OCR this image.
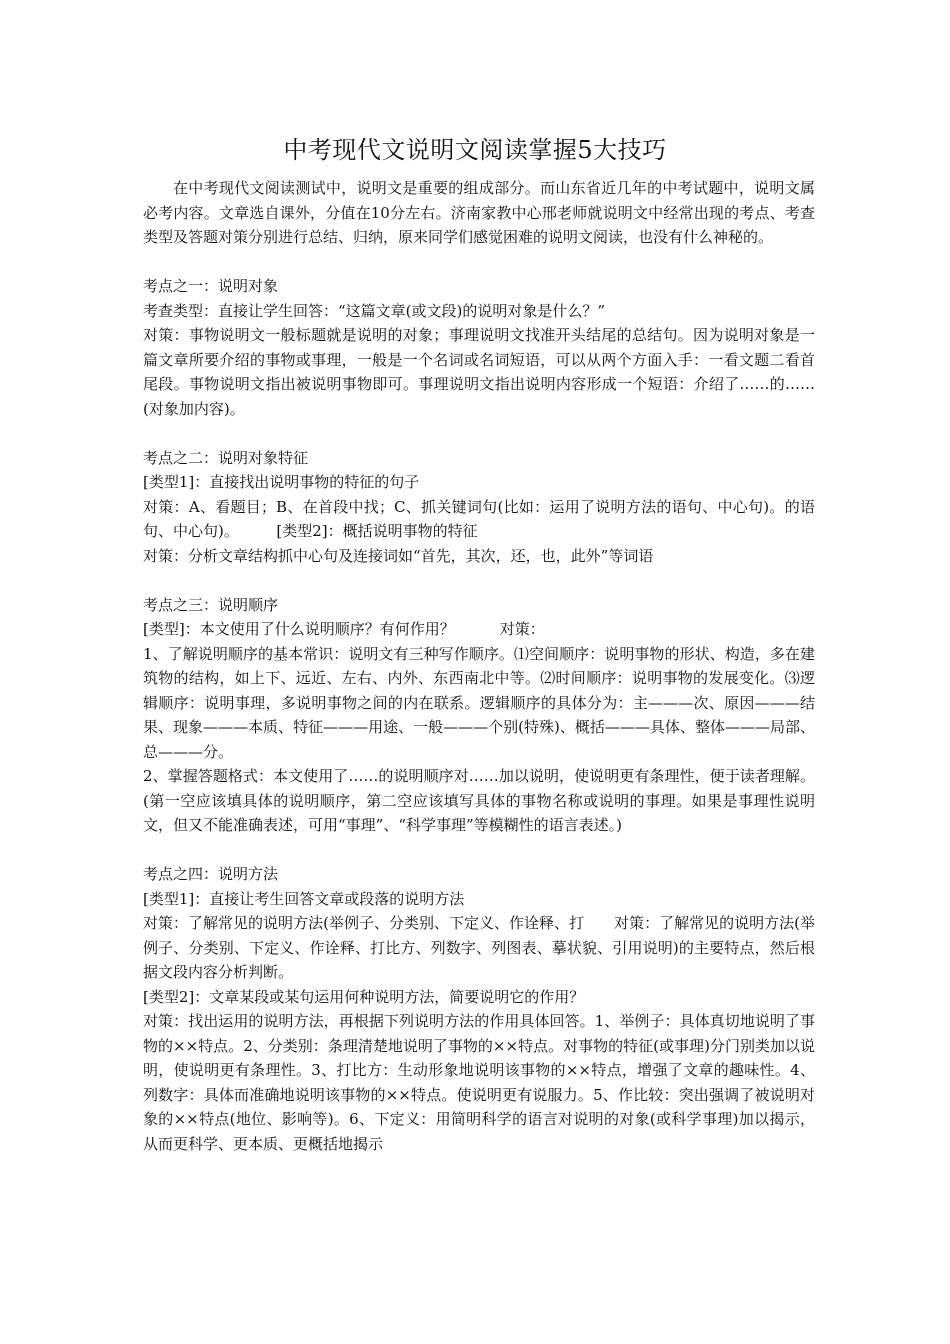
中考现代文说明文阅读掌握5大技巧

在中考现代文阅读测试中，说明文是重要的组成部分。而山东省近几年的中考试题中，说明文属必考内容。文章选自课外，分值在10分左右。济南家教中心邢老师就说明文中经常出现的考点、考查类型及答题对策分别进行总结、归纳，原来同学们感觉困难的说明文阅读，也没有什么神秘的。

考点之一：说明对象

考查类型：直接让学生回答：“这篇文章(或文段)的说明对象是什么？”

对策：事物说明文一般标题就是说明的对象；事理说明文找准开头结尾的总结句。因为说明对象是一篇文章所要介绍的事物或事理，一般是一个名词或名词短语，可以从两个方面入手：一看文题二看首尾段。事物说明文指出被说明事物即可。事理说明文指出说明内容形成一个短语：介绍了……的……(对象加内容)。

考点之二：说明对象特征

[类型1]：直接找出说明事物的特征的句子

对策：A、看题目；B、在首段中找；C、抓关键词句(比如：运用了说明方法的语句、中心句)。的语句、中心句)。　　　[类型2]：概括说明事物的特征

对策：分析文章结构抓中心句及连接词如“首先，其次，还，也，此外”等词语

考点之三：说明顺序

[类型]：本文使用了什么说明顺序？有何作用？　　　对策：

1、了解说明顺序的基本常识：说明文有三种写作顺序。⑴空间顺序：说明事物的形状、构造，多在建筑物的结构，如上下、远近、左右、内外、东西南北中等。⑵时间顺序：说明事物的发展变化。⑶逻辑顺序：说明事理，多说明事物之间的内在联系。逻辑顺序的具体分为：主———次、原因———结果、现象———本质、特征———用途、一般———个别(特殊)、概括———具体、整体———局部、总———分。

2、掌握答题格式：本文使用了……的说明顺序对……加以说明，使说明更有条理性，便于读者理解。(第一空应该填具体的说明顺序，第二空应该填写具体的事物名称或说明的事理。如果是事理性说明文，但又不能准确表述，可用“事理”、“科学事理”等模糊性的语言表述。)

考点之四：说明方法

[类型1]：直接让考生回答文章或段落的说明方法

对策：了解常见的说明方法(举例子、分类别、下定义、作诠释、打　　对策：了解常见的说明方法(举例子、分类别、下定义、作诠释、打比方、列数字、列图表、摹状貌、引用说明)的主要特点，然后根据文段内容分析判断。

[类型2]：文章某段或某句运用何种说明方法，简要说明它的作用？

对策：找出运用的说明方法，再根据下列说明方法的作用具体回答。1、举例子：具体真切地说明了事物的××特点。2、分类别：条理清楚地说明了事物的××特点。对事物的特征(或事理)分门别类加以说明，使说明更有条理性。3、打比方：生动形象地说明该事物的××特点，增强了文章的趣味性。4、列数字：具体而准确地说明该事物的××特点。使说明更有说服力。5、作比较：突出强调了被说明对象的××特点(地位、影响等)。6、下定义：用简明科学的语言对说明的对象(或科学事理)加以揭示，从而更科学、更本质、更概括地揭示
